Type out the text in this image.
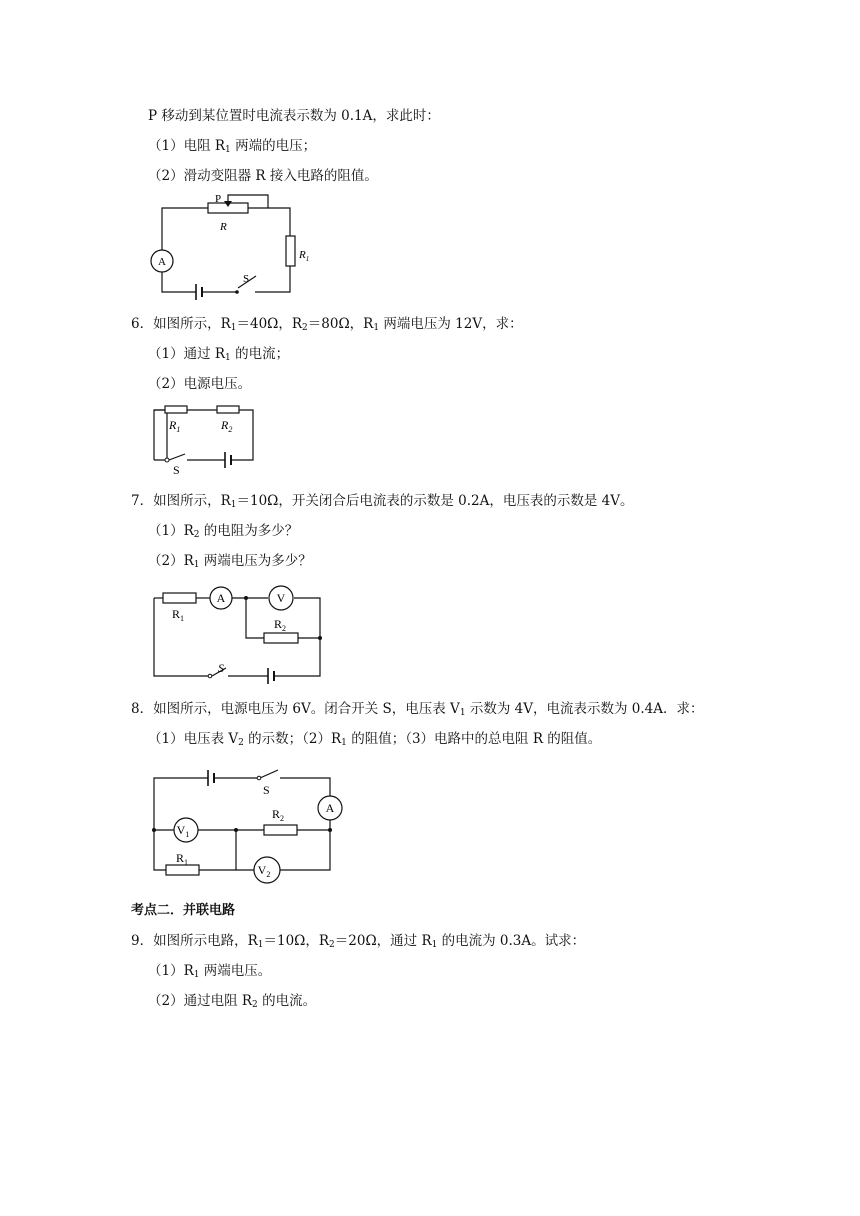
P 移动到某位置时电流表示数为 0.1A，求此时：
（1）电阻 $R_1$ 两端的电压；
（2）滑动变阻器 R 接入电路的阻值。
P
R
$R_1$
A
S
6．如图所示，$R_1=40\Omega$，$R_2=80\Omega$，$R_1$ 两端电压为 12V，求：
（1）通过 $R_1$ 的电流；
（2）电源电压。
$R_1$	$R_2$
S
7．如图所示，$R_1=10\Omega$，开关闭合后电流表的示数是 0.2A，电压表的示数是 4V。
$(1)R_2$ 的电阻为多少？
$(2)R_1$ 两端电压为多少？
$R_1$	$R_2$
A	V
S
8．如图所示，电源电压为 6V。闭合开关 S，电压表 $V_1$ 示数为 4V，电流表示数为 0.4A．求：
（1）电压表 $V_2$ 的示数；$(2)R_1$ 的阻值；（3）电路中的总电阻 R 的阻值。
S
A
$V_1$
$V_2$
$R_2$
$R_1$
考点二．并联电路
9．如图所示电路，$R_1=10\Omega$，$R_2=20\Omega$，通过 $R_1$ 的电流为 0.3A。试求：
$(1)R_1$ 两端电压。
（2）通过电阻 $R_2$ 的电流。
